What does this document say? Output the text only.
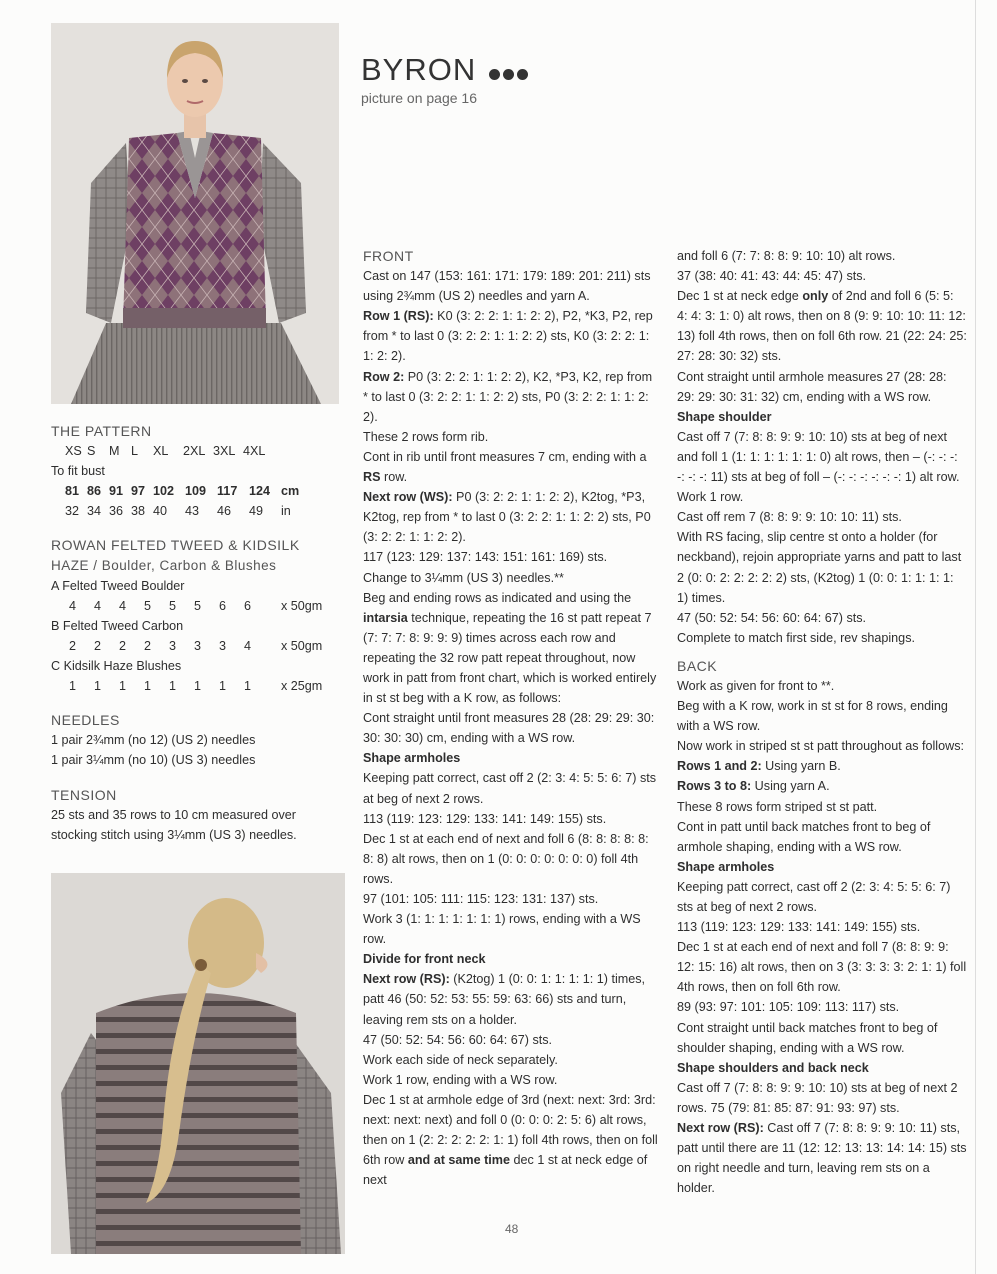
BYRON
picture on page 16

THE PATTERN

XS S	M L	XL	2XL 3XL 4XL

To fit bust

81 86 91 97 102 109 117 124 cm
32 34 36 38 40	43	46	49	in

ROWAN FELTED TWEED & KIDSILK

HAZE / Boulder, Carbon & Blushes

A Felted Tweed Boulder

4	4	4	5	5	5	6	6	x 50gm

B Felted Tweed Carbon

2	2	2	2	3	3	3	4	x 50gm

C Kidsilk Haze Blushes

1	1	1	1	1	1	1	1	x 25gm

NEEDLES

1 pair 2¾mm (no 12) (US 2) needles

1 pair 3¼mm (no 10) (US 3) needles

TENSION

25 sts and 35 rows to 10 cm measured over

stocking stitch using 3¼mm (US 3) needles.

FRONT

Cast on 147 (153: 161: 171: 179: 189: 201: 211) sts using 2¾mm (US 2) needles and yarn A.

Row 1 (RS): K0 (3: 2: 2: 1: 1: 2: 2), P2, *K3, P2, rep from * to last 0 (3: 2: 2: 1: 1: 2: 2) sts, K0 (3: 2: 2: 1: 1: 2: 2).

Row 2: P0 (3: 2: 2: 1: 1: 2: 2), K2, *P3, K2, rep from * to last 0 (3: 2: 2: 1: 1: 2: 2) sts, P0 (3: 2: 2: 1: 1: 2: 2).

These 2 rows form rib.

Cont in rib until front measures 7 cm, ending with a RS row.

Next row (WS): P0 (3: 2: 2: 1: 1: 2: 2), K2tog, *P3, K2tog, rep from * to last 0 (3: 2: 2: 1: 1: 2: 2) sts, P0 (3: 2: 2: 1: 1: 2: 2).

117 (123: 129: 137: 143: 151: 161: 169) sts.

Change to 3¼mm (US 3) needles.**

Beg and ending rows as indicated and using the intarsia technique, repeating the 16 st patt repeat 7 (7: 7: 7: 8: 9: 9: 9) times across each row and repeating the 32 row patt repeat throughout, now work in patt from front chart, which is worked entirely in st st beg with a K row, as follows:

Cont straight until front measures 28 (28: 29: 29: 30: 30: 30: 30) cm, ending with a WS row.

Shape armholes

Keeping patt correct, cast off 2 (2: 3: 4: 5: 5: 6: 7) sts at beg of next 2 rows.

113 (119: 123: 129: 133: 141: 149: 155) sts.

Dec 1 st at each end of next and foll 6 (8: 8: 8: 8: 8: 8: 8) alt rows, then on 1 (0: 0: 0: 0: 0: 0: 0) foll 4th rows.

97 (101: 105: 111: 115: 123: 131: 137) sts.

Work 3 (1: 1: 1: 1: 1: 1: 1) rows, ending with a WS row.

Divide for front neck

Next row (RS): (K2tog) 1 (0: 0: 1: 1: 1: 1: 1) times, patt 46 (50: 52: 53: 55: 59: 63: 66) sts and turn, leaving rem sts on a holder.

47 (50: 52: 54: 56: 60: 64: 67) sts.

Work each side of neck separately.

Work 1 row, ending with a WS row.

Dec 1 st at armhole edge of 3rd (next: next: 3rd: 3rd: next: next: next) and foll 0 (0: 0: 0: 2: 5: 6) alt rows, then on 1 (2: 2: 2: 2: 2: 1: 1) foll 4th rows, then on foll 6th row and at same time dec 1 st at neck edge of next

and foll 6 (7: 7: 8: 8: 9: 10: 10) alt rows.

37 (38: 40: 41: 43: 44: 45: 47) sts.

Dec 1 st at neck edge only of 2nd and foll 6 (5: 5: 4: 4: 3: 1: 0) alt rows, then on 8 (9: 9: 10: 10: 11: 12: 13) foll 4th rows, then on foll 6th row. 21 (22: 24: 25: 27: 28: 30: 32) sts.

Cont straight until armhole measures 27 (28: 28: 29: 29: 30: 31: 32) cm, ending with a WS row.

Shape shoulder

Cast off 7 (7: 8: 8: 9: 9: 10: 10) sts at beg of next and foll 1 (1: 1: 1: 1: 1: 1: 0) alt rows, then – (-: -: -: -: -: -: 11) sts at beg of foll – (-: -: -: -: -: -: 1) alt row.

Work 1 row.

Cast off rem 7 (8: 8: 9: 9: 10: 10: 11) sts.

With RS facing, slip centre st onto a holder (for neckband), rejoin appropriate yarns and patt to last 2 (0: 0: 2: 2: 2: 2: 2) sts, (K2tog) 1 (0: 0: 1: 1: 1: 1: 1) times.

47 (50: 52: 54: 56: 60: 64: 67) sts.

Complete to match first side, rev shapings.

BACK

Work as given for front to **.

Beg with a K row, work in st st for 8 rows, ending with a WS row.

Now work in striped st st patt throughout as follows:

Rows 1 and 2: Using yarn B.

Rows 3 to 8: Using yarn A.

These 8 rows form striped st st patt.

Cont in patt until back matches front to beg of armhole shaping, ending with a WS row.

Shape armholes

Keeping patt correct, cast off 2 (2: 3: 4: 5: 5: 6: 7) sts at beg of next 2 rows.

113 (119: 123: 129: 133: 141: 149: 155) sts.

Dec 1 st at each end of next and foll 7 (8: 8: 9: 9: 12: 15: 16) alt rows, then on 3 (3: 3: 3: 3: 2: 1: 1) foll 4th rows, then on foll 6th row.

89 (93: 97: 101: 105: 109: 113: 117) sts.

Cont straight until back matches front to beg of shoulder shaping, ending with a WS row.

Shape shoulders and back neck

Cast off 7 (7: 8: 8: 9: 9: 10: 10) sts at beg of next 2 rows. 75 (79: 81: 85: 87: 91: 93: 97) sts.

Next row (RS): Cast off 7 (7: 8: 8: 9: 9: 10: 11) sts, patt until there are 11 (12: 12: 13: 13: 14: 14: 15) sts on right needle and turn, leaving rem sts on a holder.

48
